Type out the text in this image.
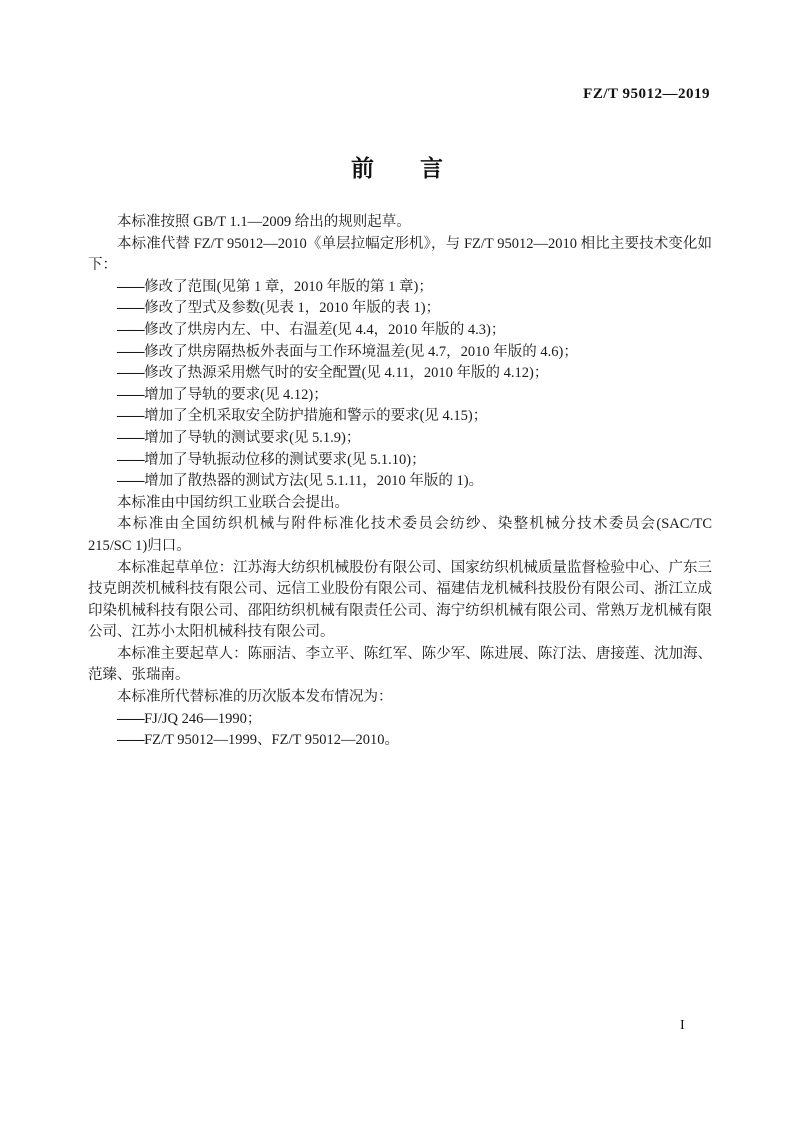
FZ/T 95012—2019
前　　言

本标准按照 GB/T 1.1—2009 给出的规则起草。

本标准代替 FZ/T 95012—2010《单层拉幅定形机》，与 FZ/T 95012—2010 相比主要技术变化如下：

——修改了范围(见第 1 章，2010 年版的第 1 章)；

——修改了型式及参数(见表 1，2010 年版的表 1)；

——修改了烘房内左、中、右温差(见 4.4，2010 年版的 4.3)；

——修改了烘房隔热板外表面与工作环境温差(见 4.7，2010 年版的 4.6)；

——修改了热源采用燃气时的安全配置(见 4.11，2010 年版的 4.12)；

——增加了导轨的要求(见 4.12)；

——增加了全机采取安全防护措施和警示的要求(见 4.15)；

——增加了导轨的测试要求(见 5.1.9)；

——增加了导轨振动位移的测试要求(见 5.1.10)；

——增加了散热器的测试方法(见 5.1.11，2010 年版的 1)。

本标准由中国纺织工业联合会提出。

本标准由全国纺织机械与附件标准化技术委员会纺纱、染整机械分技术委员会(SAC/TC 215/SC 1)归口。

本标准起草单位：江苏海大纺织机械股份有限公司、国家纺织机械质量监督检验中心、广东三技克朗茨机械科技有限公司、远信工业股份有限公司、福建佶龙机械科技股份有限公司、浙江立成印染机械科技有限公司、邵阳纺织机械有限责任公司、海宁纺织机械有限公司、常熟万龙机械有限公司、江苏小太阳机械科技有限公司。

本标准主要起草人：陈丽洁、李立平、陈红军、陈少军、陈进展、陈汀法、唐接莲、沈加海、范臻、张瑞南。

本标准所代替标准的历次版本发布情况为：

——FJ/JQ 246—1990；

——FZ/T 95012—1999、FZ/T 95012—2010。

I
